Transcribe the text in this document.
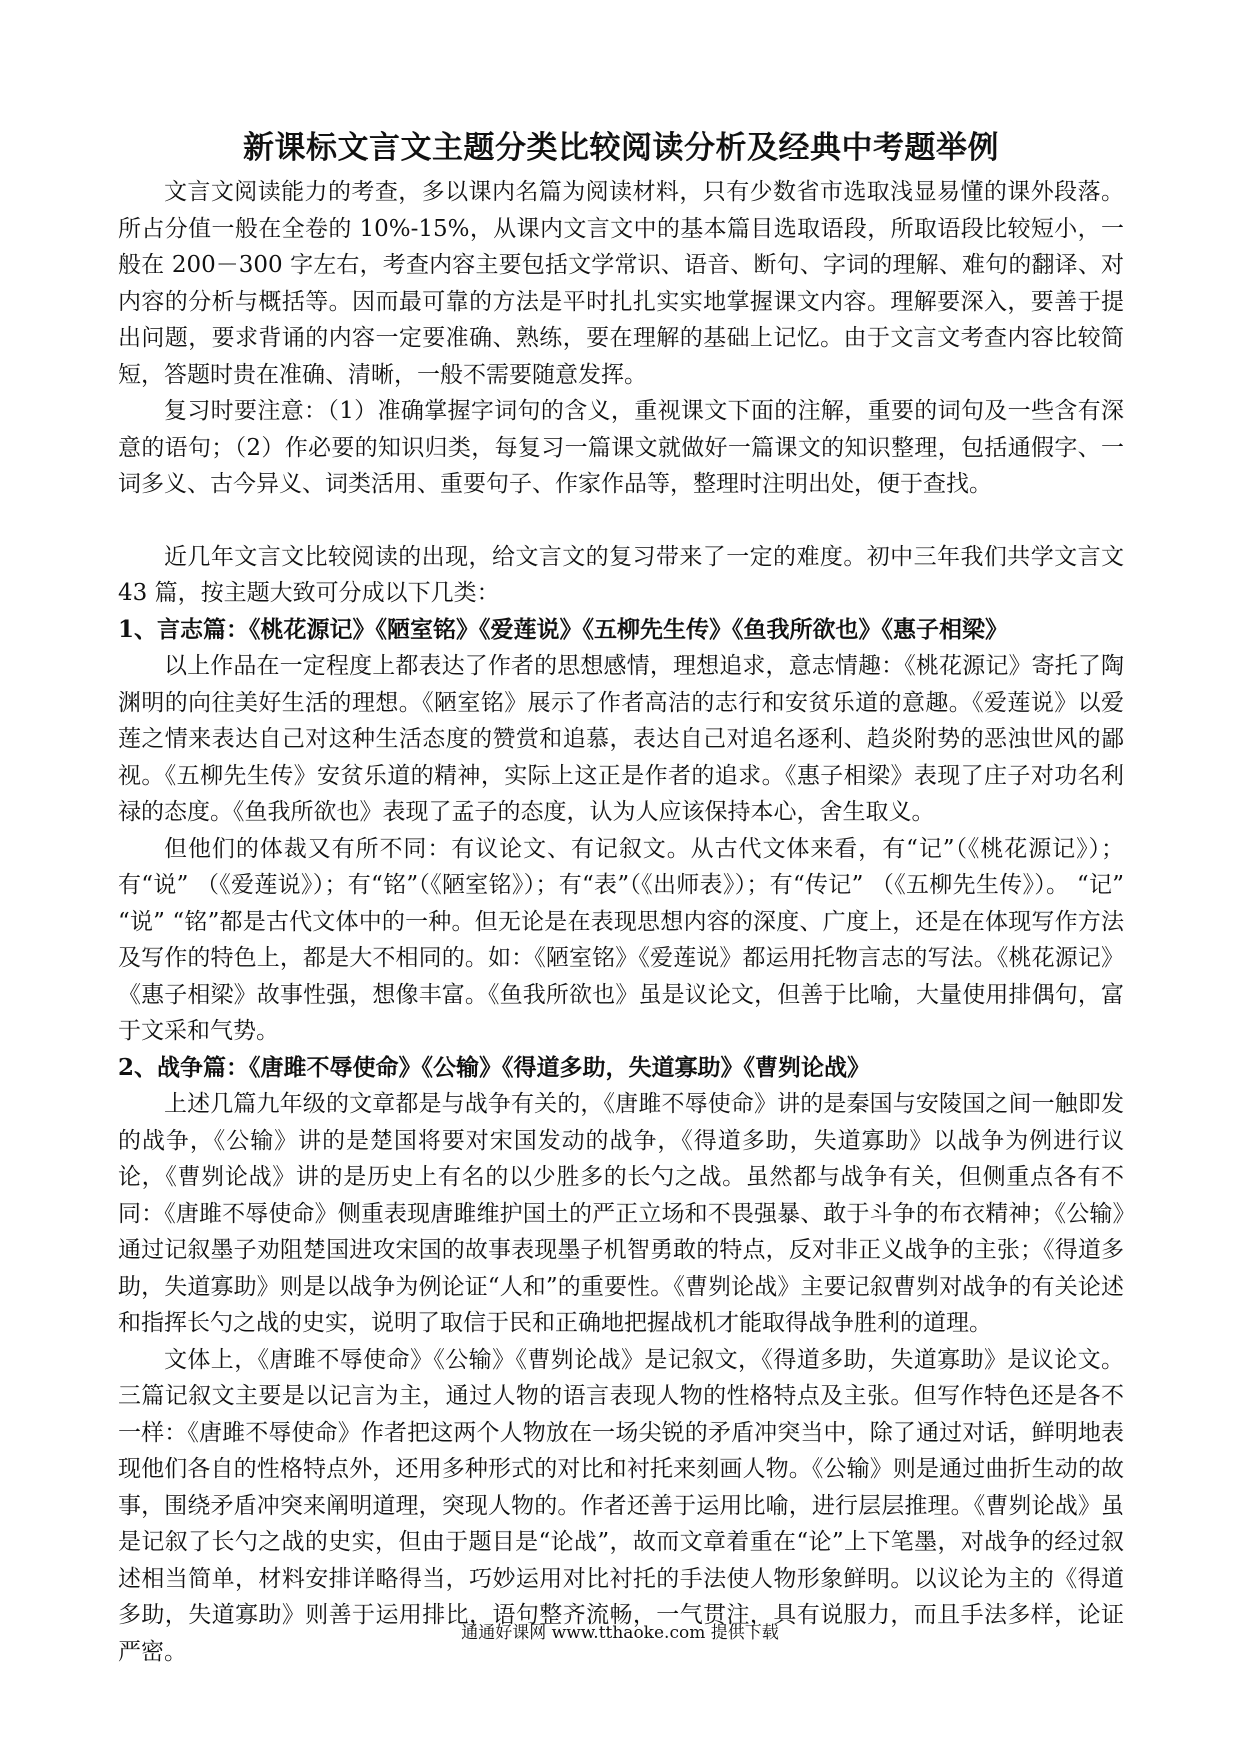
新课标文言文主题分类比较阅读分析及经典中考题举例

文言文阅读能力的考查，多以课内名篇为阅读材料，只有少数省市选取浅显易懂的课外段落。所占分值一般在全卷的 10%-15%，从课内文言文中的基本篇目选取语段，所取语段比较短小，一般在 200－300 字左右，考查内容主要包括文学常识、语音、断句、字词的理解、难句的翻译、对内容的分析与概括等。因而最可靠的方法是平时扎扎实实地掌握课文内容。理解要深入，要善于提出问题，要求背诵的内容一定要准确、熟练，要在理解的基础上记忆。由于文言文考查内容比较简短，答题时贵在准确、清晰，一般不需要随意发挥。

复习时要注意：（1）准确掌握字词句的含义，重视课文下面的注解，重要的词句及一些含有深意的语句；（2）作必要的知识归类，每复习一篇课文就做好一篇课文的知识整理，包括通假字、一词多义、古今异义、词类活用、重要句子、作家作品等，整理时注明出处，便于查找。

近几年文言文比较阅读的出现，给文言文的复习带来了一定的难度。初中三年我们共学文言文 43 篇，按主题大致可分成以下几类：

1、言志篇：《桃花源记》《陋室铭》《爱莲说》《五柳先生传》《鱼我所欲也》《惠子相梁》

以上作品在一定程度上都表达了作者的思想感情，理想追求，意志情趣：《桃花源记》寄托了陶渊明的向往美好生活的理想。《陋室铭》展示了作者高洁的志行和安贫乐道的意趣。《爱莲说》以爱莲之情来表达自己对这种生活态度的赞赏和追慕，表达自己对追名逐利、趋炎附势的恶浊世风的鄙视。《五柳先生传》安贫乐道的精神，实际上这正是作者的追求。《惠子相梁》表现了庄子对功名利禄的态度。《鱼我所欲也》表现了孟子的态度，认为人应该保持本心，舍生取义。

但他们的体裁又有所不同：有议论文、有记叙文。从古代文体来看，有“记”（《桃花源记》）；有“说” （《爱莲说》）；有“铭”（《陋室铭》）；有“表”（《出师表》）；有“传记” （《五柳先生传》）。 “记” “说” “铭”都是古代文体中的一种。但无论是在表现思想内容的深度、广度上，还是在体现写作方法及写作的特色上，都是大不相同的。如：《陋室铭》《爱莲说》都运用托物言志的写法。《桃花源记》《惠子相梁》故事性强，想像丰富。《鱼我所欲也》虽是议论文，但善于比喻，大量使用排偶句，富于文采和气势。

2、战争篇：《唐雎不辱使命》《公输》《得道多助，失道寡助》《曹刿论战》

上述几篇九年级的文章都是与战争有关的，《唐雎不辱使命》讲的是秦国与安陵国之间一触即发的战争，《公输》讲的是楚国将要对宋国发动的战争，《得道多助，失道寡助》以战争为例进行议论，《曹刿论战》讲的是历史上有名的以少胜多的长勺之战。虽然都与战争有关，但侧重点各有不同：《唐雎不辱使命》侧重表现唐雎维护国土的严正立场和不畏强暴、敢于斗争的布衣精神；《公输》通过记叙墨子劝阻楚国进攻宋国的故事表现墨子机智勇敢的特点，反对非正义战争的主张；《得道多助，失道寡助》则是以战争为例论证“人和”的重要性。《曹刿论战》主要记叙曹刿对战争的有关论述和指挥长勺之战的史实，说明了取信于民和正确地把握战机才能取得战争胜利的道理。

文体上，《唐雎不辱使命》《公输》《曹刿论战》是记叙文，《得道多助，失道寡助》是议论文。三篇记叙文主要是以记言为主，通过人物的语言表现人物的性格特点及主张。但写作特色还是各不一样：《唐雎不辱使命》作者把这两个人物放在一场尖锐的矛盾冲突当中，除了通过对话，鲜明地表现他们各自的性格特点外，还用多种形式的对比和衬托来刻画人物。《公输》则是通过曲折生动的故事，围绕矛盾冲突来阐明道理，突现人物的。作者还善于运用比喻，进行层层推理。《曹刿论战》虽是记叙了长勺之战的史实，但由于题目是“论战”，故而文章着重在“论”上下笔墨，对战争的经过叙述相当简单，材料安排详略得当，巧妙运用对比衬托的手法使人物形象鲜明。以议论为主的《得道多助，失道寡助》则善于运用排比，语句整齐流畅，一气贯注，具有说服力，而且手法多样，论证严密。

通通好课网 www.tthaoke.com 提供下载
